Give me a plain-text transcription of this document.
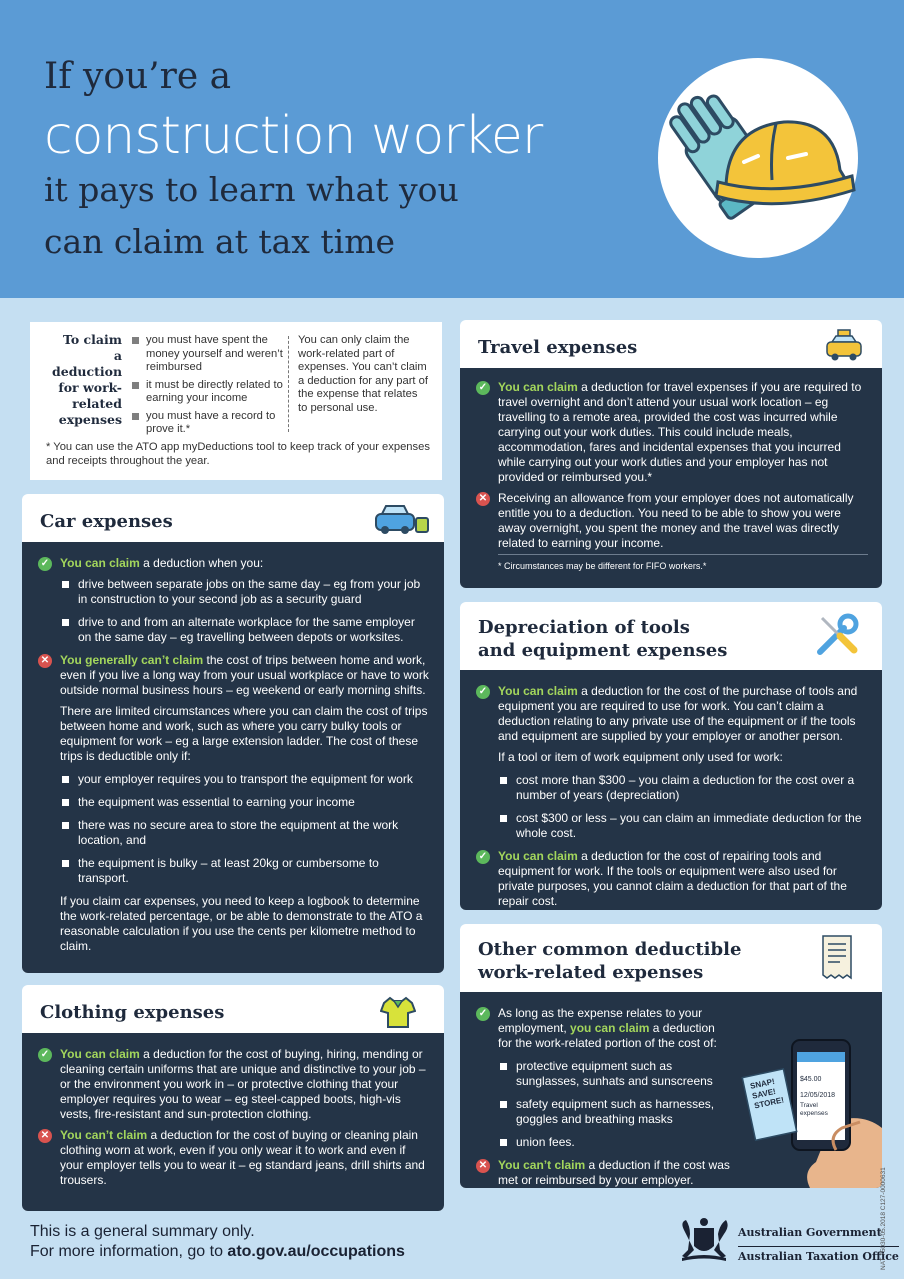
If you’re a
construction worker
it pays to learn what you
can claim at tax time
To claim a deduction for work-related expenses
you must have spent the money yourself and weren’t reimbursed
it must be directly related to earning your income
you must have a record to prove it.*
You can only claim the work-related part of expenses. You can’t claim a deduction for any part of the expense that relates to personal use.
* You can use the ATO app myDeductions tool to keep track of your expenses and receipts throughout the year.
Car expenses
✓ You can claim a deduction when you:
drive between separate jobs on the same day – eg from your job in construction to your second job as a security guard
drive to and from an alternate workplace for the same employer on the same day – eg travelling between depots or worksites.
✕ You generally can’t claim the cost of trips between home and work, even if you live a long way from your usual workplace or have to work outside normal business hours – eg weekend or early morning shifts.
There are limited circumstances where you can claim the cost of trips between home and work, such as where you carry bulky tools or equipment for work – eg a large extension ladder. The cost of these trips is deductible only if:
your employer requires you to transport the equipment for work
the equipment was essential to earning your income
there was no secure area to store the equipment at the work location, and
the equipment is bulky – at least 20kg or cumbersome to transport.
If you claim car expenses, you need to keep a logbook to determine the work-related percentage, or be able to demonstrate to the ATO a reasonable calculation if you use the cents per kilometre method to claim.
Clothing expenses
✓ You can claim a deduction for the cost of buying, hiring, mending or cleaning certain uniforms that are unique and distinctive to your job – or the environment you work in – or protective clothing that your employer requires you to wear – eg steel-capped boots, high-vis vests, fire-resistant and sun-protection clothing.
✕ You can’t claim a deduction for the cost of buying or cleaning plain clothing worn at work, even if you only wear it to work and even if your employer tells you to wear it – eg standard jeans, drill shirts and trousers.
Travel expenses
✓ You can claim a deduction for travel expenses if you are required to travel overnight and don’t attend your usual work location – eg travelling to a remote area, provided the cost was incurred while carrying out your work duties. This could include meals, accommodation, fares and incidental expenses that you incurred while carrying out your work duties and your employer has not provided or reimbursed you.*
✕ Receiving an allowance from your employer does not automatically entitle you to a deduction. You need to be able to show you were away overnight, you spent the money and the travel was directly related to earning your income.
* Circumstances may be different for FIFO workers.*
Depreciation of tools
and equipment expenses
✓ You can claim a deduction for the cost of the purchase of tools and equipment you are required to use for work. You can’t claim a deduction relating to any private use of the equipment or if the tools and equipment are supplied by your employer or another person.
If a tool or item of work equipment only used for work:
cost more than $300 – you claim a deduction for the cost over a number of years (depreciation)
cost $300 or less – you can claim an immediate deduction for the whole cost.
✓ You can claim a deduction for the cost of repairing tools and equipment for work. If the tools or equipment were also used for private purposes, you cannot claim a deduction for that part of the repair cost.
Other common deductible
work-related expenses
✓ As long as the expense relates to your employment, you can claim a deduction for the work-related portion of the cost of:
protective equipment such as sunglasses, sunhats and sunscreens
safety equipment such as harnesses, goggles and breathing masks
union fees.
✕ You can’t claim a deduction if the cost was met or reimbursed by your employer.
SNAP! SAVE! STORE!
$45.00
12/05/2018
Travel expenses
This is a general summary only.
For more information, go to ato.gov.au/occupations
Australian Government
Australian Taxation Office
NAT 75030-05.2018 C127-0000631
